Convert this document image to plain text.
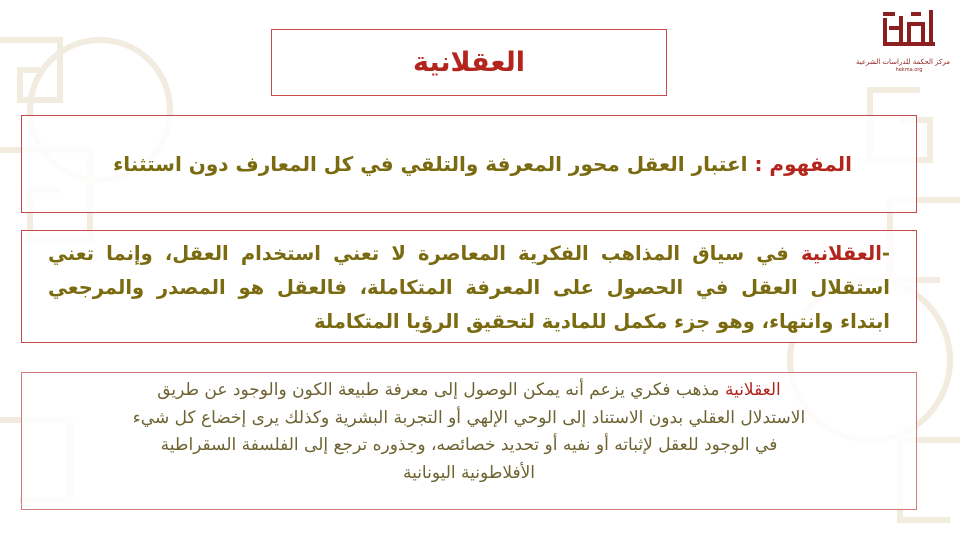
مركز الحكمة للدراسات الشرعية
hekma.org
العقلانية
المفهوم : اعتبار العقل محور المعرفة والتلقي في كل المعارف دون استثناء

-العقلانية في سياق المذاهب الفكرية المعاصرة لا تعني استخدام العقل، وإنما تعني استقلال العقل في الحصول على المعرفة المتكاملة، فالعقل هو المصدر والمرجعي
ابتداء وانتهاء، وهو جزء مكمل للمادية لتحقيق الرؤيا المتكاملة

العقلانية مذهب فكري يزعم أنه يمكن الوصول إلى معرفة طبيعة الكون والوجود عن طريق
الاستدلال العقلي بدون الاستناد إلى الوحي الإلهي أو التجربة البشرية وكذلك يرى إخضاع كل شيء
في الوجود للعقل لإثباته أو نفيه أو تحديد خصائصه، وجذوره ترجع إلى الفلسفة السقراطية
الأفلاطونية اليونانية
